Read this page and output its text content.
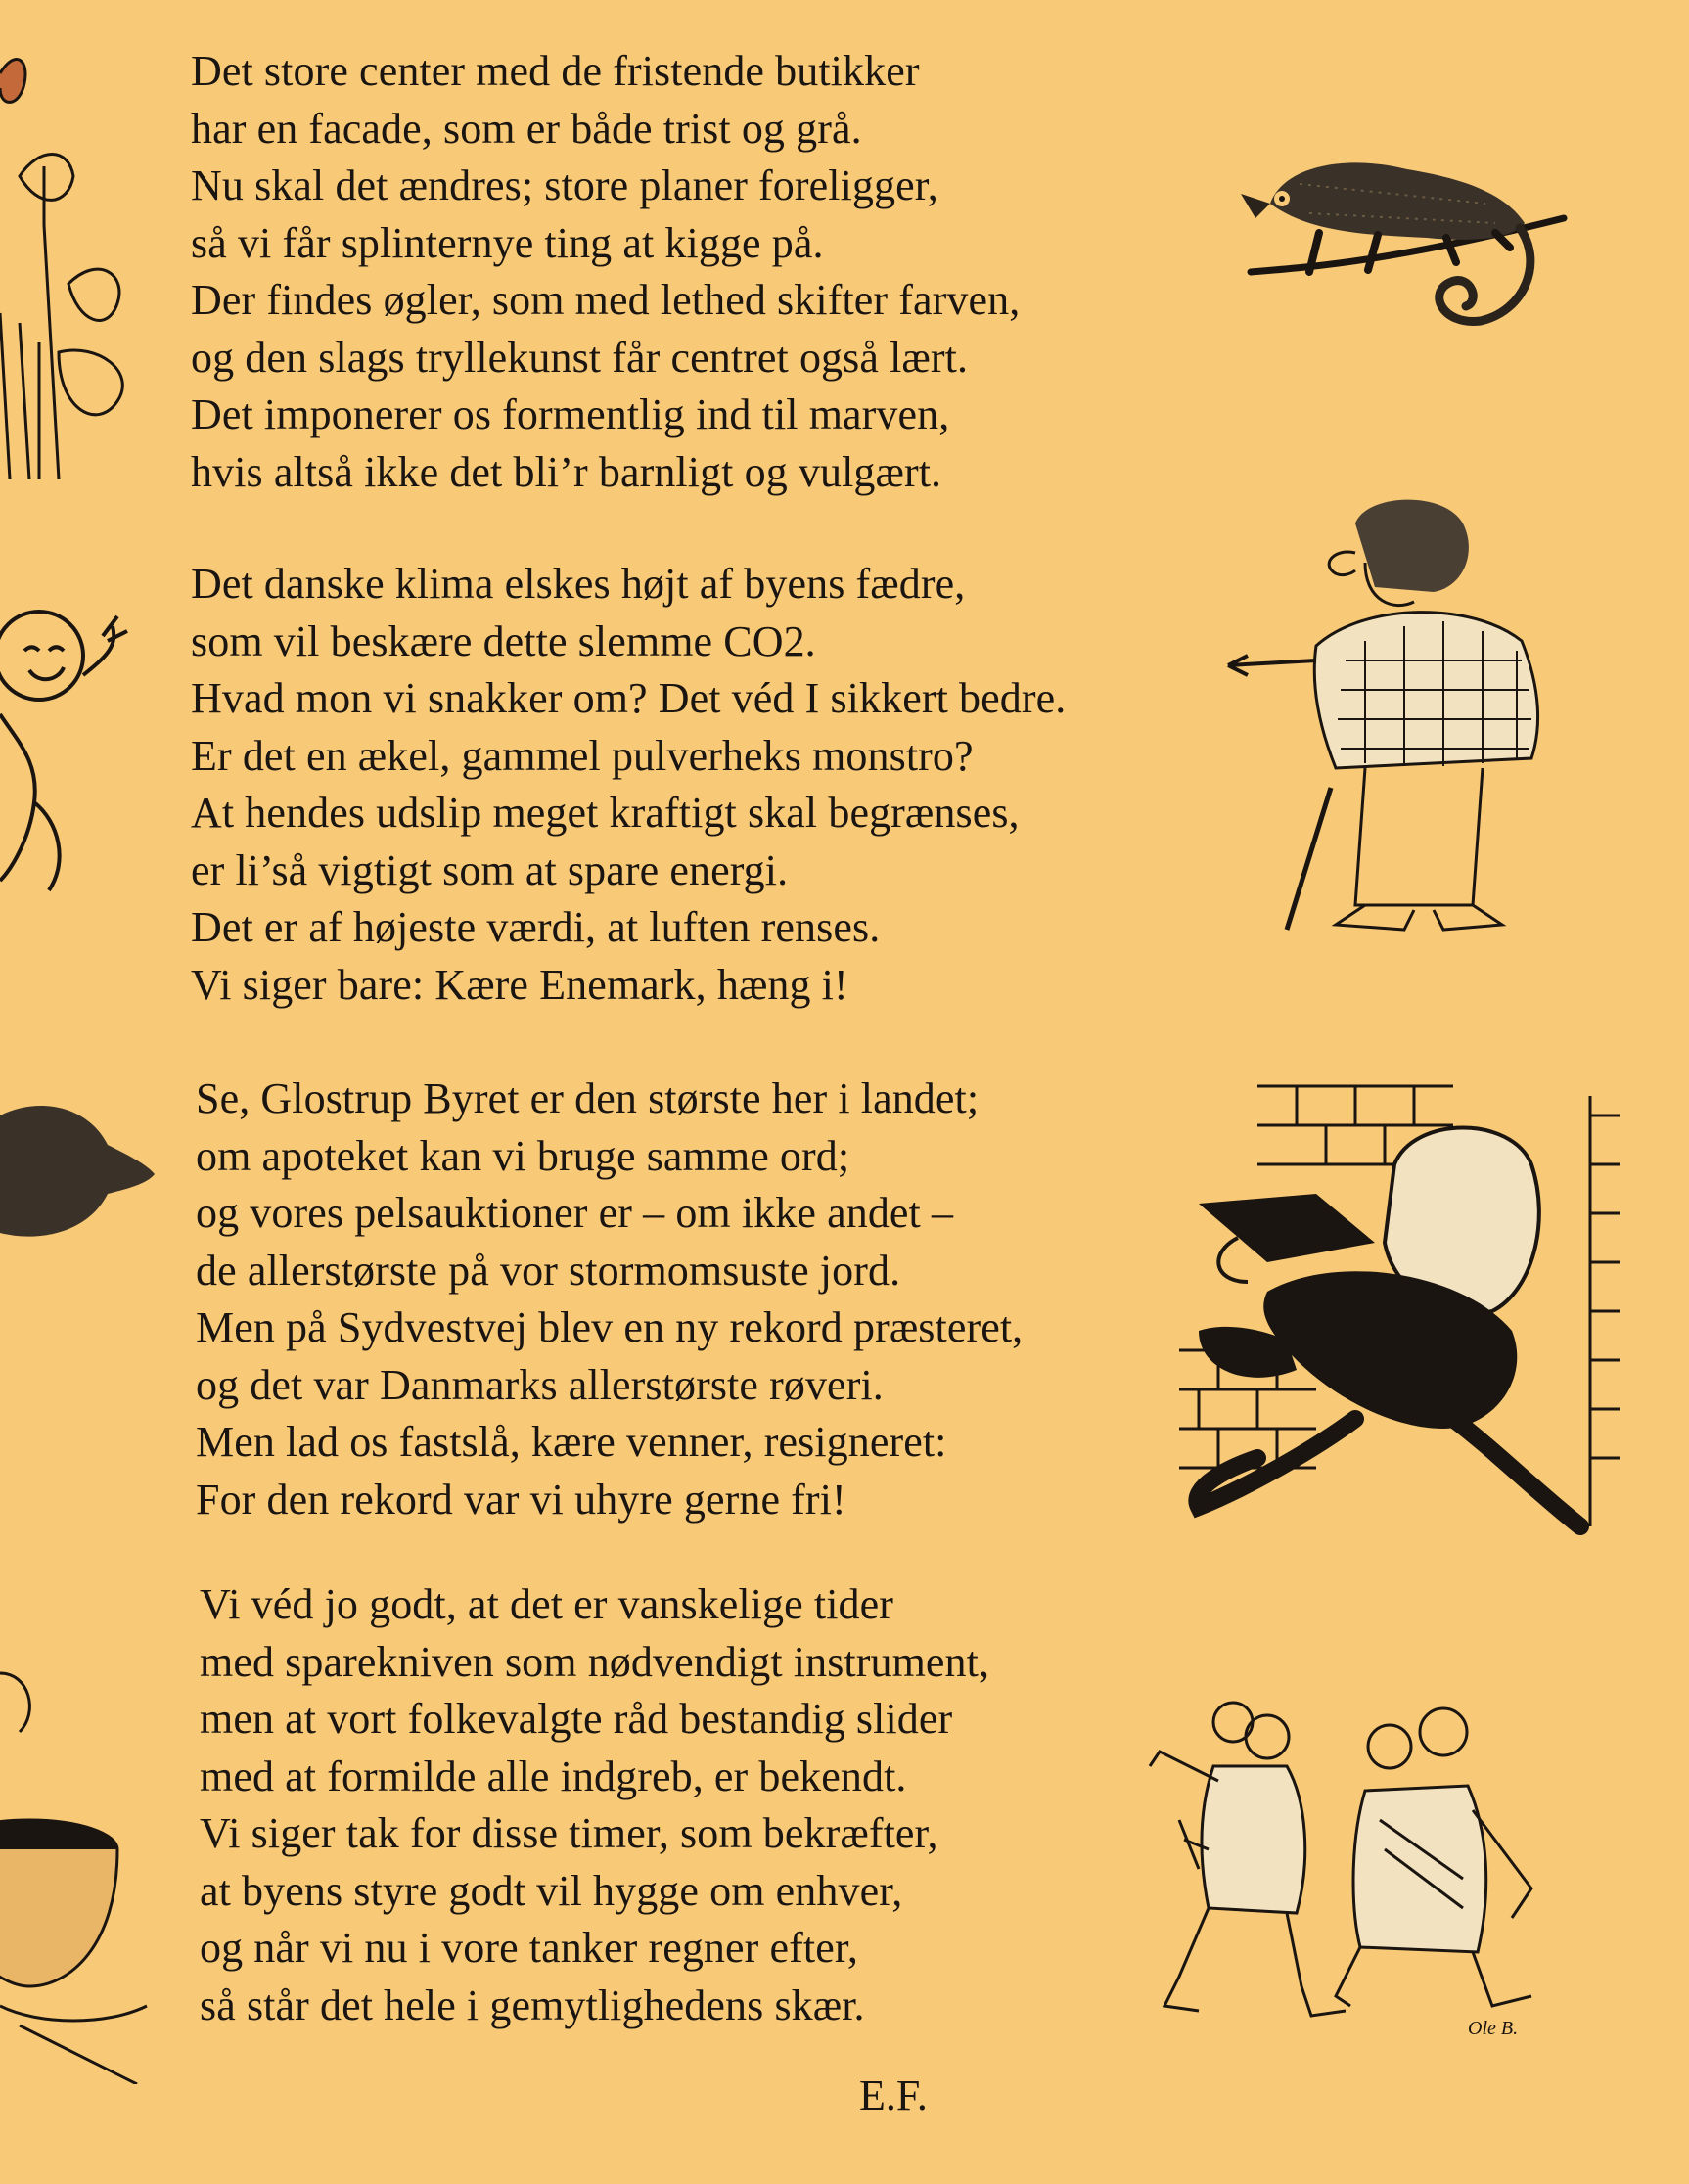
Det store center med de fristende butikker
har en facade, som er både trist og grå.
Nu skal det ændres; store planer foreligger,
så vi får splinternye ting at kigge på.
Der findes øgler, som med lethed skifter farven,
og den slags tryllekunst får centret også lært.
Det imponerer os formentlig ind til marven,
hvis altså ikke det bli’r barnligt og vulgært.
Det danske klima elskes højt af byens fædre,
som vil beskære dette slemme CO2.
Hvad mon vi snakker om? Det véd I sikkert bedre.
Er det en ækel, gammel pulverheks monstro?
At hendes udslip meget kraftigt skal begrænses,
er li’så vigtigt som at spare energi.
Det er af højeste værdi, at luften renses.
Vi siger bare: Kære Enemark, hæng i!
Se, Glostrup Byret er den største her i landet;
om apoteket kan vi bruge samme ord;
og vores pelsauktioner er – om ikke andet –
de allerstørste på vor stormomsuste jord.
Men på Sydvestvej blev en ny rekord præsteret,
og det var Danmarks allerstørste røveri.
Men lad os fastslå, kære venner, resigneret:
For den rekord var vi uhyre gerne fri!
Vi véd jo godt, at det er vanskelige tider
med sparekniven som nødvendigt instrument,
men at vort folkevalgte råd bestandig slider
med at formilde alle indgreb, er bekendt.
Vi siger tak for disse timer, som bekræfter,
at byens styre godt vil hygge om enhver,
og når vi nu i vore tanker regner efter,
så står det hele i gemytlighedens skær.
E.F.
Ole B.
